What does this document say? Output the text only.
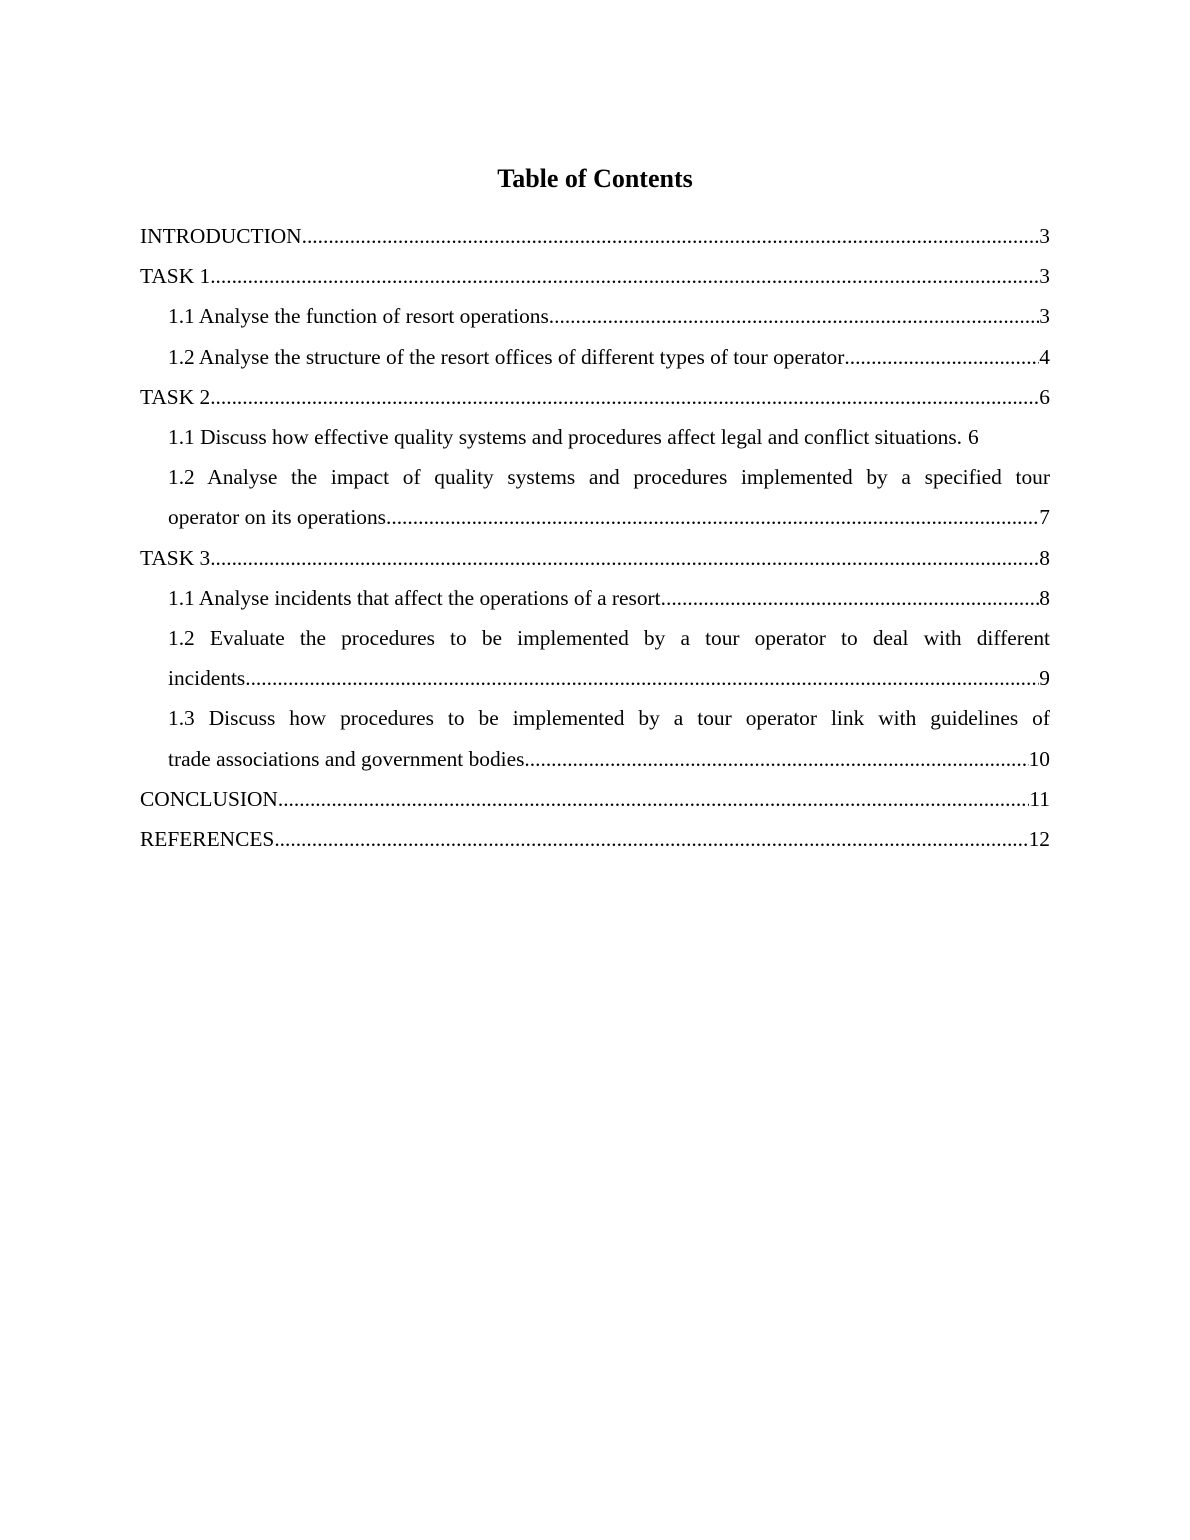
Table of Contents
INTRODUCTION .....	3
TASK 1 .....	3
1.1 Analyse the function of resort operations .....	3
1.2 Analyse the structure of the resort offices of different types of tour operator .....	4
TASK 2 .....	6
1.1 Discuss how effective quality systems and procedures affect legal and conflict situations. 6
1.2 Analyse the impact of quality systems and procedures implemented by a specified tour
operator on its operations .....	7
TASK 3 .....	8
1.1 Analyse incidents that affect the operations of a resort .....	8
1.2 Evaluate the procedures to be implemented by a tour operator to deal with different
incidents .....	9
1.3 Discuss how procedures to be implemented by a tour operator link with guidelines of
trade associations and government bodies .....	10
CONCLUSION .....	11
REFERENCES .....	12
